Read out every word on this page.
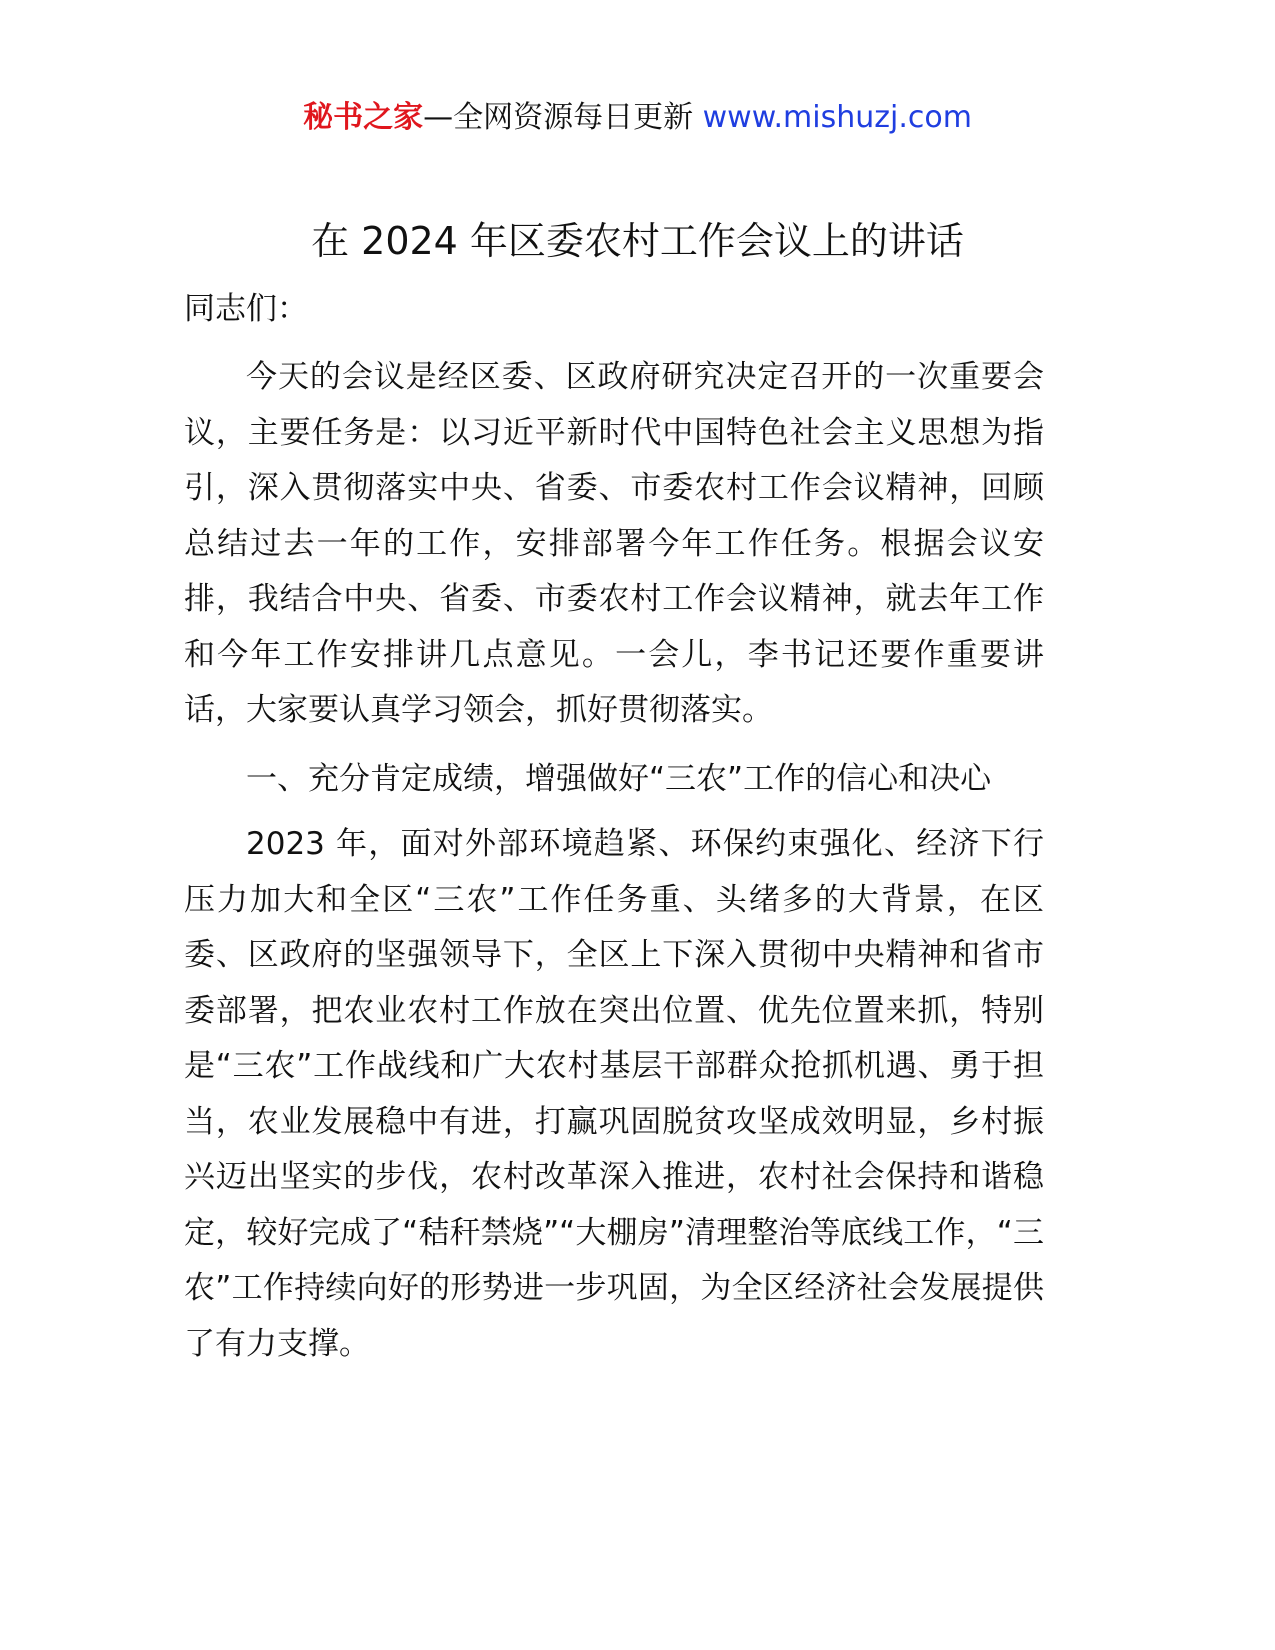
秘书之家—全网资源每日更新 www.mishuzj.com
在 2024 年区委农村工作会议上的讲话

同志们：

今天的会议是经区委、区政府研究决定召开的一次重要会议，主要任务是：以习近平新时代中国特色社会主义思想为指引，深入贯彻落实中央、省委、市委农村工作会议精神，回顾总结过去一年的工作，安排部署今年工作任务。根据会议安排，我结合中央、省委、市委农村工作会议精神，就去年工作和今年工作安排讲几点意见。一会儿，李书记还要作重要讲话，大家要认真学习领会，抓好贯彻落实。

一、充分肯定成绩，增强做好“三农”工作的信心和决心

2023 年，面对外部环境趋紧、环保约束强化、经济下行压力加大和全区“三农”工作任务重、头绪多的大背景，在区委、区政府的坚强领导下，全区上下深入贯彻中央精神和省市委部署，把农业农村工作放在突出位置、优先位置来抓，特别是“三农”工作战线和广大农村基层干部群众抢抓机遇、勇于担当，农业发展稳中有进，打赢巩固脱贫攻坚成效明显，乡村振兴迈出坚实的步伐，农村改革深入推进，农村社会保持和谐稳定，较好完成了“秸秆禁烧”“大棚房”清理整治等底线工作，“三农”工作持续向好的形势进一步巩固，为全区经济社会发展提供了有力支撑。
